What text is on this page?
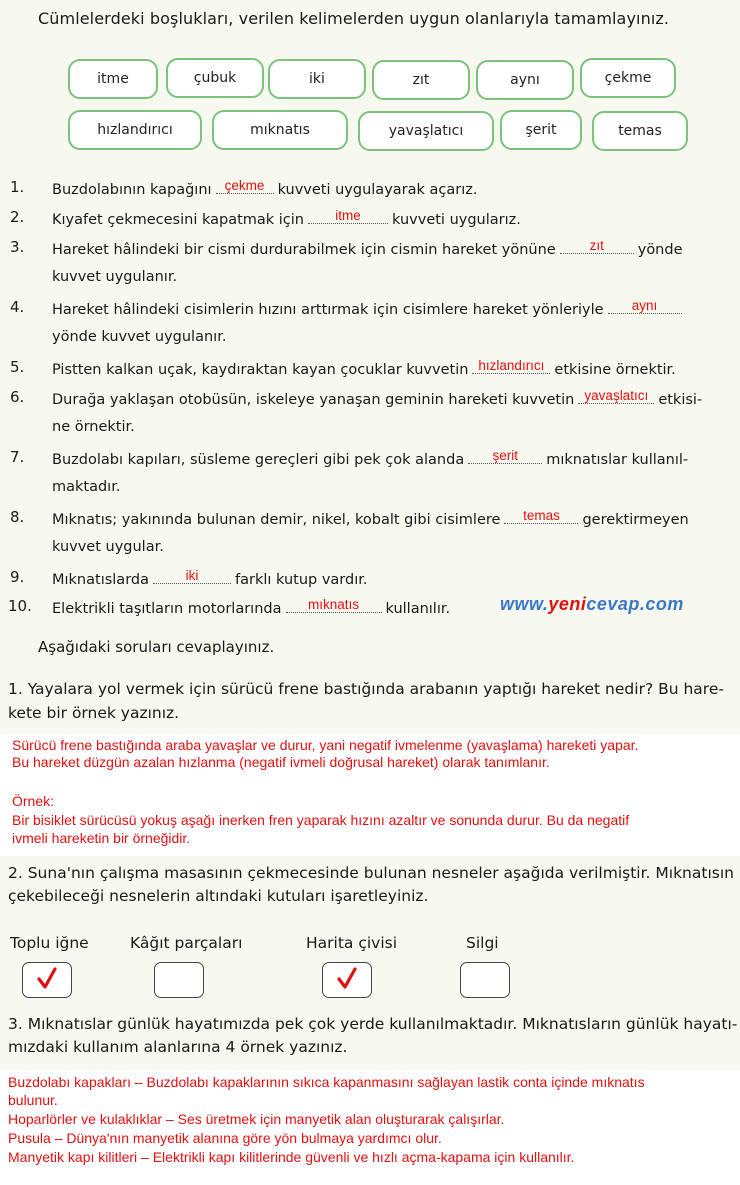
Cümlelerdeki boşlukları, verilen kelimelerden uygun olanlarıyla tamamlayınız.
itme	çubuk	iki	zıt	aynı	çekme
hızlandırıcı	mıknatıs	yavaşlatıcı	şerit	temas
1. Buzdolabının kapağını çekme kuvveti uygulayarak açarız.
2. Kıyafet çekmecesini kapatmak için	itme	kuvveti uygularız.
3. Hareket hâlindeki bir cismi durdurabilmek için cismin hareket yönüne	zıt	yönde
kuvvet uygulanır.
4. Hareket hâlindeki cisimlerin hızını arttırmak için cisimlere hareket yönleriyle	aynı
yönde kuvvet uygulanır.
5. Pistten kalkan uçak, kaydıraktan kayan çocuklar kuvvetin hızlandırıcı etkisine örnektir.
6. Durağa yaklaşan otobüsün, iskeleye yanaşan geminin hareketi kuvvetin yavaşlatıcı etkisi-
ne örnektir.
7. Buzdolabı kapıları, süsleme gereçleri gibi pek çok alanda	şerit	mıknatıslar kullanıl-
maktadır.
8. Mıknatıs; yakınında bulunan demir, nikel, kobalt gibi cisimlere	temas	gerektirmeyen
kuvvet uygular.
9. Mıknatıslarda	iki	farklı kutup vardır.
10. Elektrikli taşıtların motorlarında	mıknatıs	kullanılır.	www.yenicevap.com
Aşağıdaki soruları cevaplayınız.
1. Yayalara yol vermek için sürücü frene bastığında arabanın yaptığı hareket nedir? Bu hare-
kete bir örnek yazınız.
Sürücü frene bastığında araba yavaşlar ve durur, yani negatif ivmelenme (yavaşlama) hareketi yapar.
Bu hareket düzgün azalan hızlanma (negatif ivmeli doğrusal hareket) olarak tanımlanır.
Örnek:
Bir bisiklet sürücüsü yokuş aşağı inerken fren yaparak hızını azaltır ve sonunda durur. Bu da negatif
ivmeli hareketin bir örneğidir.
2. Suna'nın çalışma masasının çekmecesinde bulunan nesneler aşağıda verilmiştir. Mıknatısın
çekebileceği nesnelerin altındaki kutuları işaretleyiniz.
Toplu iğne	Kâğıt parçaları	Harita çivisi	Silgi
3. Mıknatıslar günlük hayatımızda pek çok yerde kullanılmaktadır. Mıknatısların günlük hayatı-
mızdaki kullanım alanlarına 4 örnek yazınız.
Buzdolabı kapakları – Buzdolabı kapaklarının sıkıca kapanmasını sağlayan lastik conta içinde mıknatıs
bulunur.
Hoparlörler ve kulaklıklar – Ses üretmek için manyetik alan oluşturarak çalışırlar.
Pusula – Dünya'nın manyetik alanına göre yön bulmaya yardımcı olur.
Manyetik kapı kilitleri – Elektrikli kapı kilitlerinde güvenli ve hızlı açma-kapama için kullanılır.
